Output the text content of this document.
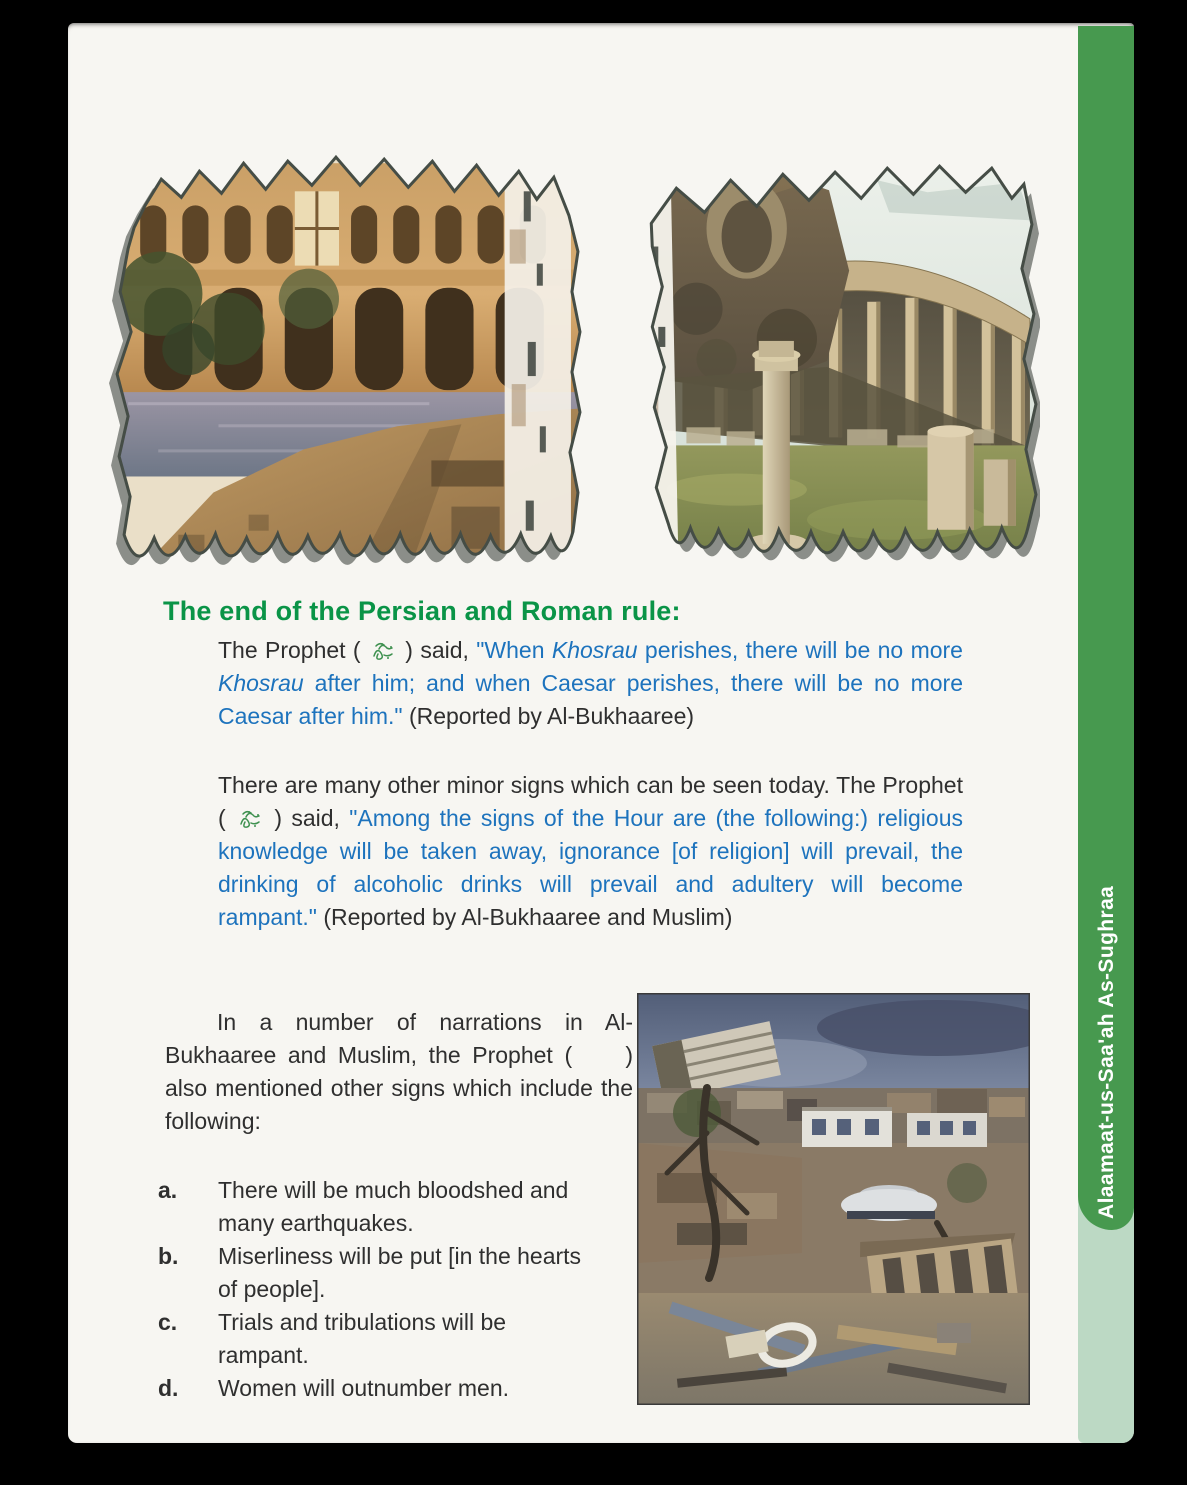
The end of the Persian and Roman rule:
The Prophet (  ) said, "When Khosrau perishes, there will be no more Khosrau after him; and when Caesar perishes, there will be no more Caesar after him." (Reported by Al-Bukhaaree)
There are many other minor signs which can be seen today. The Prophet (  ) said, "Among the signs of the Hour are (the following:) religious knowledge will be taken away, ignorance [of religion] will prevail, the drinking of alcoholic drinks will prevail and adultery will become rampant." (Reported by Al-Bukhaaree and Muslim)
In a number of narrations in Al-Bukhaaree and Muslim, the Prophet (  ) also mentioned other signs which include the following:
a. There will be much bloodshed and many earthquakes.
b. Miserliness will be put [in the hearts of people].
c. Trials and tribulations will be rampant.
d. Women will outnumber men.
Alaamaat-us-Saa'ah As-Sughraa
